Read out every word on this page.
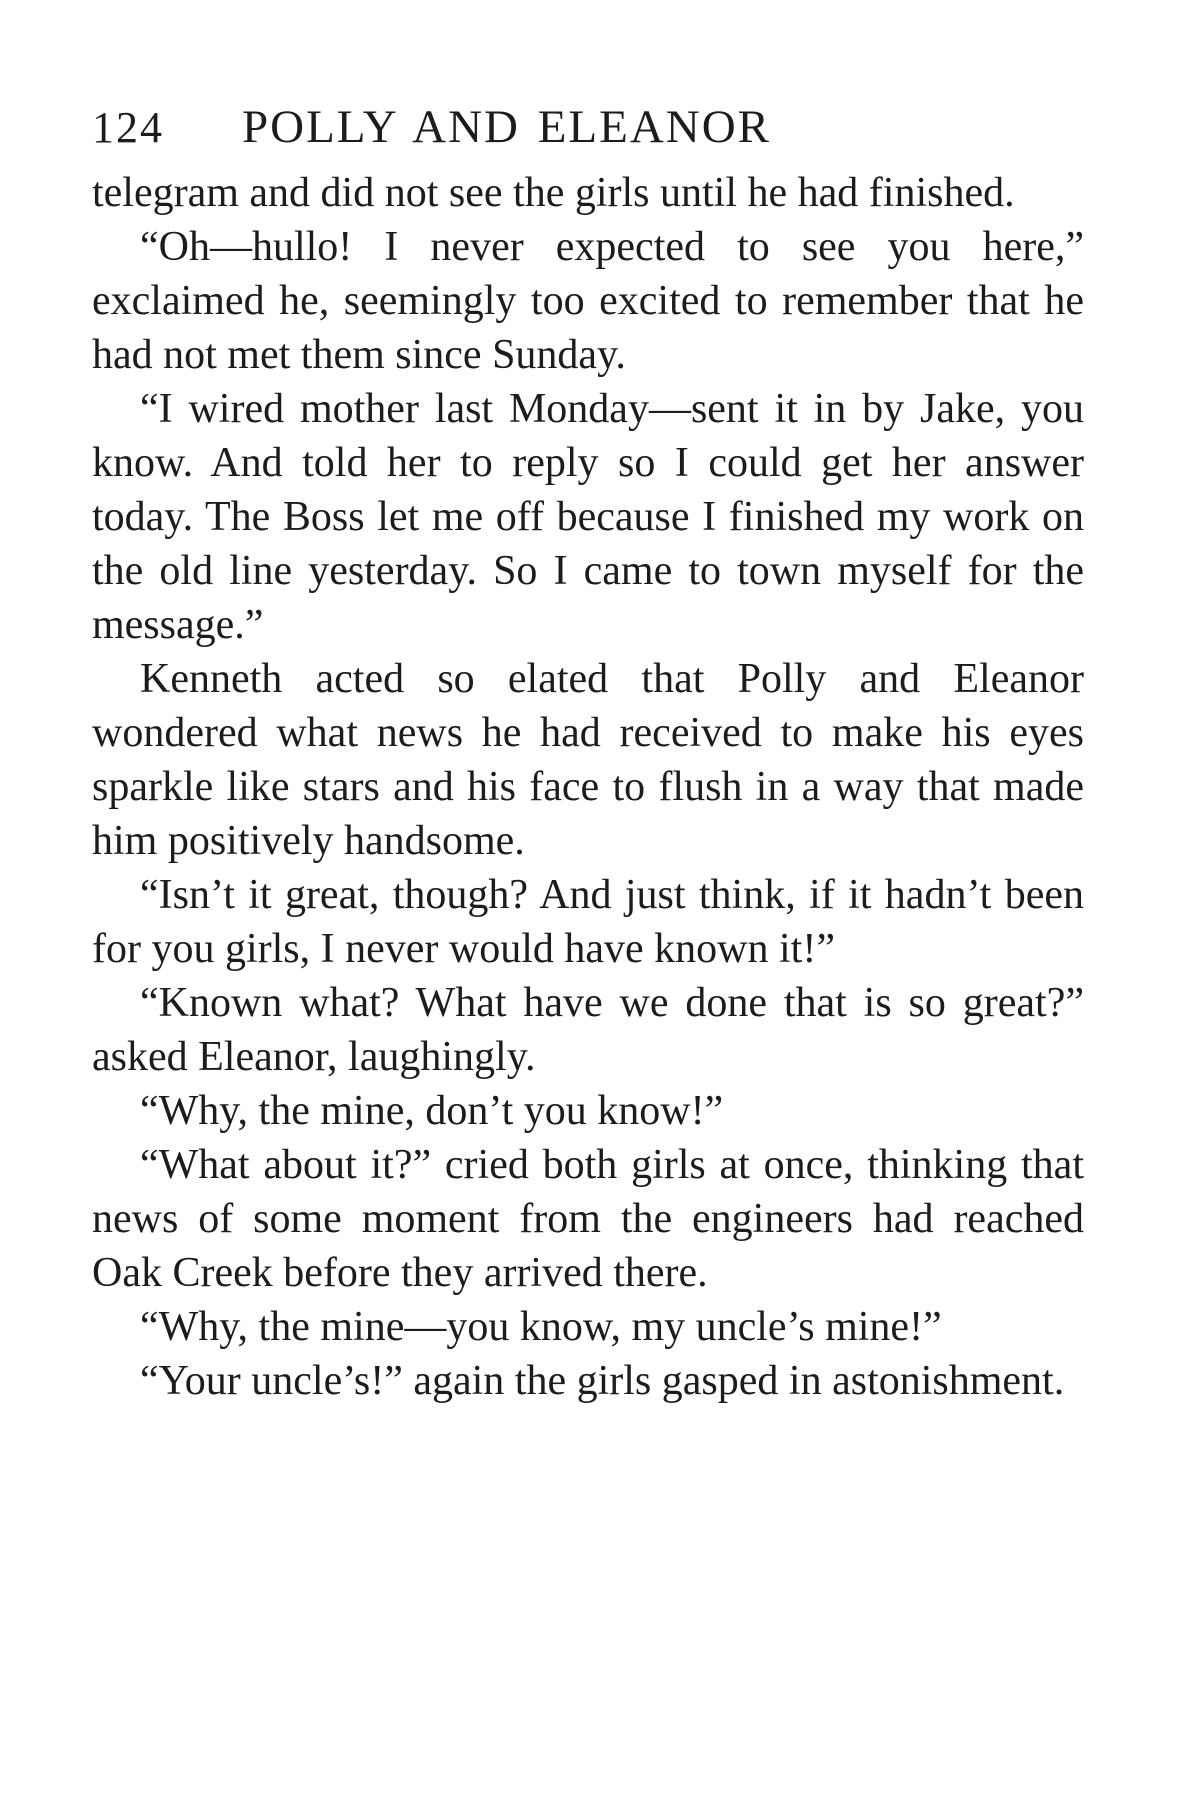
124	POLLY AND ELEANOR

telegram and did not see the girls until he had finished.

“Oh—hullo! I never expected to see you here,” exclaimed he, seemingly too excited to remember that he had not met them since Sunday.

“I wired mother last Monday—sent it in by Jake, you know. And told her to reply so I could get her answer today. The Boss let me off because I finished my work on the old line yesterday. So I came to town myself for the message.”

Kenneth acted so elated that Polly and Eleanor wondered what news he had received to make his eyes sparkle like stars and his face to flush in a way that made him positively handsome.

“Isn’t it great, though? And just think, if it hadn’t been for you girls, I never would have known it!”

“Known what? What have we done that is so great?” asked Eleanor, laughingly.

“Why, the mine, don’t you know!”

“What about it?” cried both girls at once, thinking that news of some moment from the engineers had reached Oak Creek before they arrived there.

“Why, the mine—you know, my uncle’s mine!”

“Your uncle’s!” again the girls gasped in astonishment.
